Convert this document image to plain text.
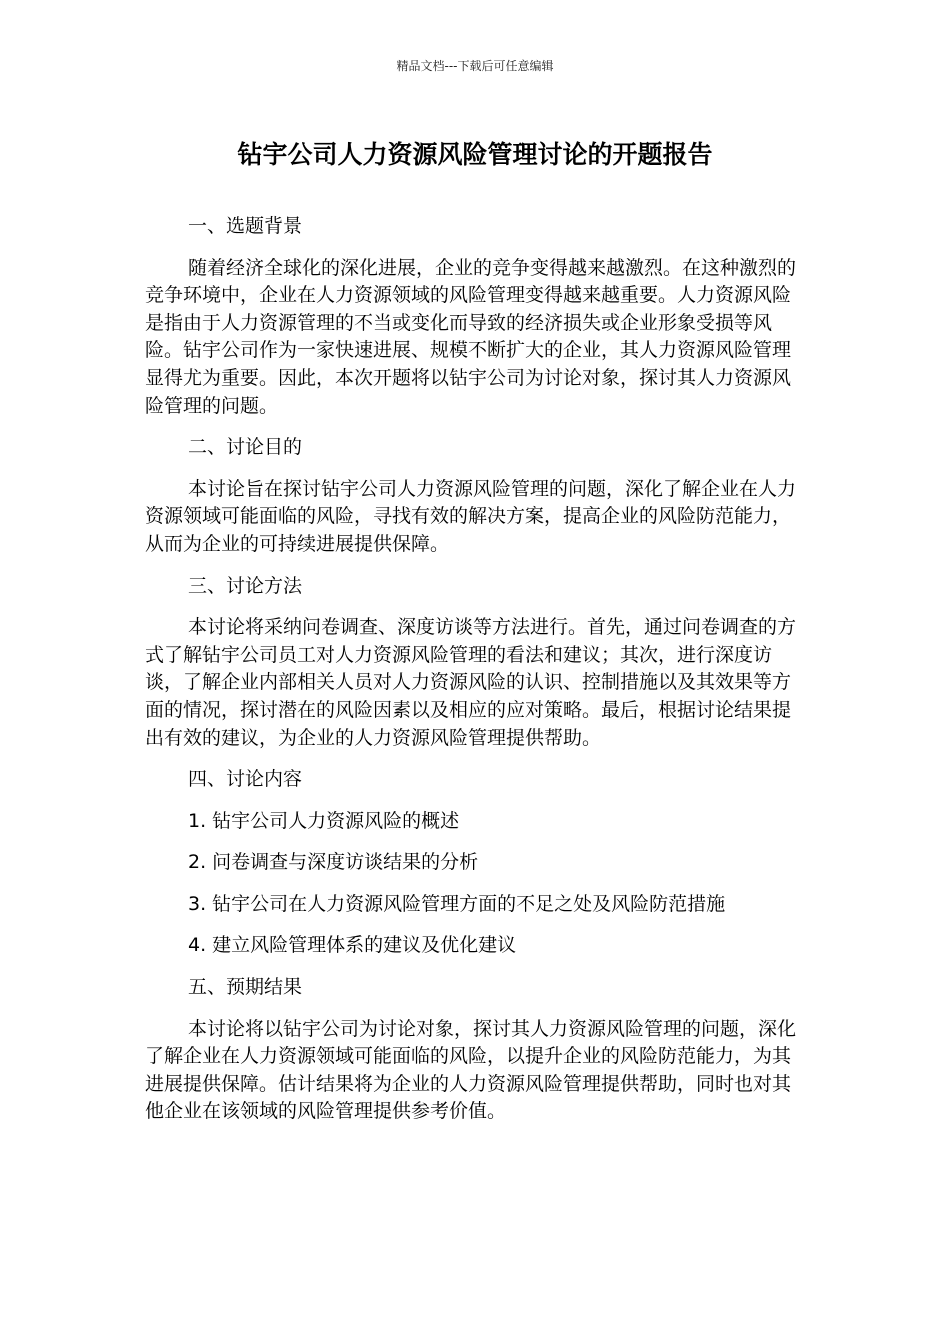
精品文档---下载后可任意编辑
钻宇公司人力资源风险管理讨论的开题报告

一、选题背景

随着经济全球化的深化进展，企业的竞争变得越来越激烈。在这种激烈的竞争环境中，企业在人力资源领域的风险管理变得越来越重要。人力资源风险是指由于人力资源管理的不当或变化而导致的经济损失或企业形象受损等风险。钻宇公司作为一家快速进展、规模不断扩大的企业，其人力资源风险管理显得尤为重要。因此，本次开题将以钻宇公司为讨论对象，探讨其人力资源风险管理的问题。

二、讨论目的

本讨论旨在探讨钻宇公司人力资源风险管理的问题，深化了解企业在人力资源领域可能面临的风险，寻找有效的解决方案，提高企业的风险防范能力，从而为企业的可持续进展提供保障。

三、讨论方法

本讨论将采纳问卷调查、深度访谈等方法进行。首先，通过问卷调查的方式了解钻宇公司员工对人力资源风险管理的看法和建议；其次，进行深度访谈，了解企业内部相关人员对人力资源风险的认识、控制措施以及其效果等方面的情况，探讨潜在的风险因素以及相应的应对策略。最后，根据讨论结果提出有效的建议，为企业的人力资源风险管理提供帮助。

四、讨论内容

1. 钻宇公司人力资源风险的概述

2. 问卷调查与深度访谈结果的分析

3. 钻宇公司在人力资源风险管理方面的不足之处及风险防范措施

4. 建立风险管理体系的建议及优化建议

五、预期结果

本讨论将以钻宇公司为讨论对象，探讨其人力资源风险管理的问题，深化了解企业在人力资源领域可能面临的风险，以提升企业的风险防范能力，为其进展提供保障。估计结果将为企业的人力资源风险管理提供帮助，同时也对其他企业在该领域的风险管理提供参考价值。
